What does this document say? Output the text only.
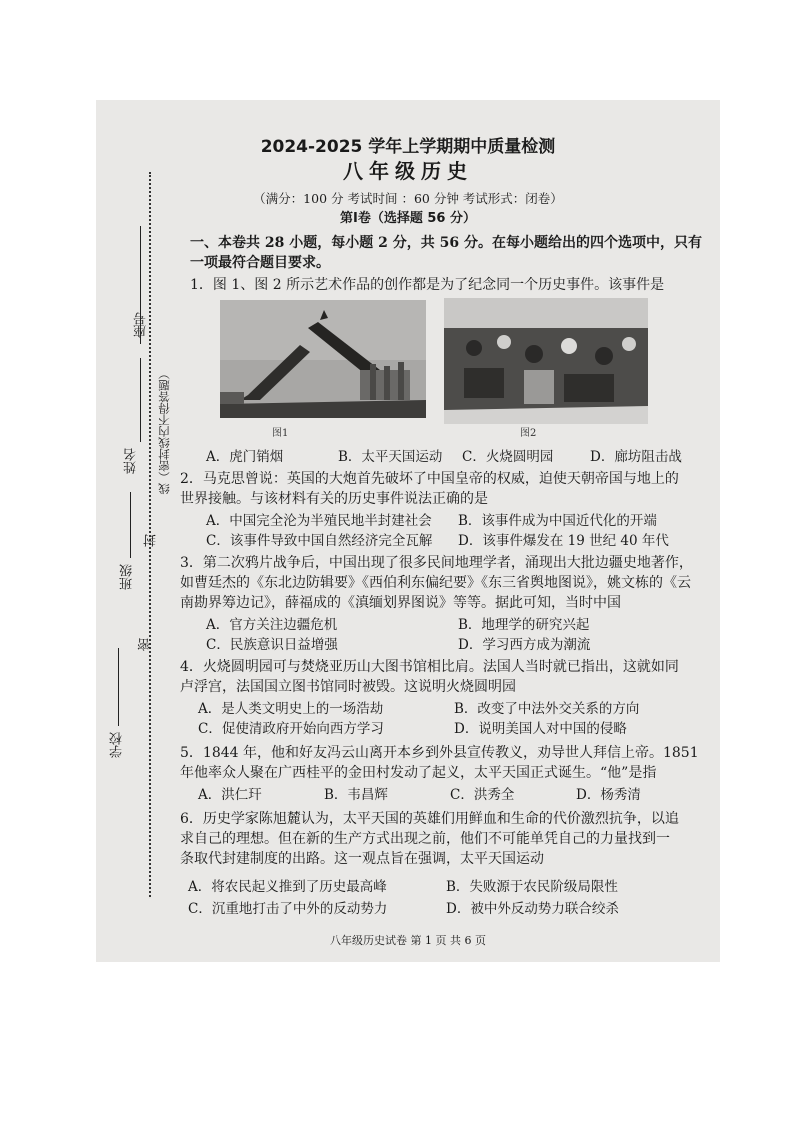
座号
线（密封线内不得答题）
姓名
封
班级
密
学校
2024-2025 学年上学期期中质量检测
八年级历史
（满分：100 分 考试时间 ：60 分钟 考试形式：闭卷）
第Ⅰ卷（选择题 56 分）
一、本卷共 28 小题，每小题 2 分，共 56 分。在每小题给出的四个选项中，只有
一项最符合题目要求。
1．图 1、图 2 所示艺术作品的创作都是为了纪念同一个历史事件。该事件是
图1	图2
A．虎门销烟	B．太平天国运动 C．火烧圆明园	D．廊坊阻击战
2．马克思曾说：英国的大炮首先破坏了中国皇帝的权威，迫使天朝帝国与地上的
世界接触。与该材料有关的历史事件说法正确的是
A．中国完全沦为半殖民地半封建社会 B．该事件成为中国近代化的开端
C．该事件导致中国自然经济完全瓦解 D．该事件爆发在 19 世纪 40 年代
3．第二次鸦片战争后，中国出现了很多民间地理学者，涌现出大批边疆史地著作，
如曹廷杰的《东北边防辑要》《西伯利东偏纪要》《东三省舆地图说》，姚文栋的《云
南勘界筹边记》，薛福成的《滇缅划界图说》等等。据此可知，当时中国
A．官方关注边疆危机	B．地理学的研究兴起
C．民族意识日益增强	D．学习西方成为潮流
4．火烧圆明园可与焚烧亚历山大图书馆相比肩。法国人当时就已指出，这就如同
卢浮宫，法国国立图书馆同时被毁。这说明火烧圆明园
A．是人类文明史上的一场浩劫	B．改变了中法外交关系的方向
C．促使清政府开始向西方学习	D．说明美国人对中国的侵略
5．1844 年，他和好友冯云山离开本乡到外县宣传教义，劝导世人拜信上帝。1851
年他率众人聚在广西桂平的金田村发动了起义，太平天国正式诞生。“他”是指
A．洪仁玕	B．韦昌辉	C．洪秀全	D．杨秀清
6．历史学家陈旭麓认为，太平天国的英雄们用鲜血和生命的代价激烈抗争，以追
求自己的理想。但在新的生产方式出现之前，他们不可能单凭自己的力量找到一
条取代封建制度的出路。这一观点旨在强调，太平天国运动
A．将农民起义推到了历史最高峰	B．失败源于农民阶级局限性
C．沉重地打击了中外的反动势力	D．被中外反动势力联合绞杀
八年级历史试卷 第 1 页 共 6 页
